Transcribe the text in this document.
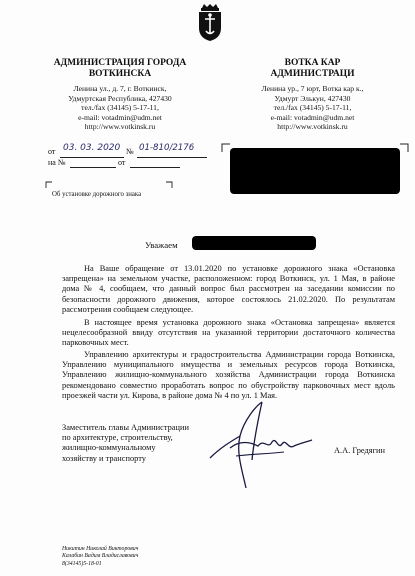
АДМИНИСТРАЦИЯ ГОРОДА
ВОТКИНСКА
Ленина ул., д. 7, г. Воткинск,
Удмуртская Республика, 427430
тел./fax (34145) 5-17-11,
e-mail: votadmin@udm.net
http://www.votkinsk.ru
ВОТКА КАР
АДМИНИСТРАЦИ
Ленина ур., 7 юрт, Вотка кар к.,
Удмурт Элькун, 427430
тел./fax (34145) 5-17-11,
e-mail: votadmin@udm.net
http://www.votkinsk.ru
от 03. 03. 2020 № 01-810/2176
на №	от
Об установке дорожного знака
Уважаем
На Ваше обращение от 13.01.2020 по установке дорожного знака «Остановка запрещена» на земельном участке, расположенном: город Воткинск, ул. 1 Мая, в районе дома № 4, сообщаем, что данный вопрос был рассмотрен на заседании комиссии по безопасности дорожного движения, которое состоялось 21.02.2020. По результатам рассмотрения сообщаем следующее.
В настоящее время установка дорожного знака «Остановка запрещена» является нецелесообразной ввиду отсутствия на указанной территории достаточного количества парковочных мест.
Управлению архитектуры и градостроительства Администрации города Воткинска, Управлению муниципального имущества и земельных ресурсов города Воткинска, Управлению жилищно-коммунального хозяйства Администрации города Воткинска рекомендовано совместно проработать вопрос по обустройству парковочных мест вдоль проезжей части ул. Кирова, в районе дома № 4 по ул. 1 Мая.
Заместитель главы Администрации
по архитектуре, строительству,
жилищно-коммунальному
хозяйству и транспорту
А.А. Гредягин
Никитин Николай Викторович
Калабин Вадим Владиславович
8(34145)5-18-01
